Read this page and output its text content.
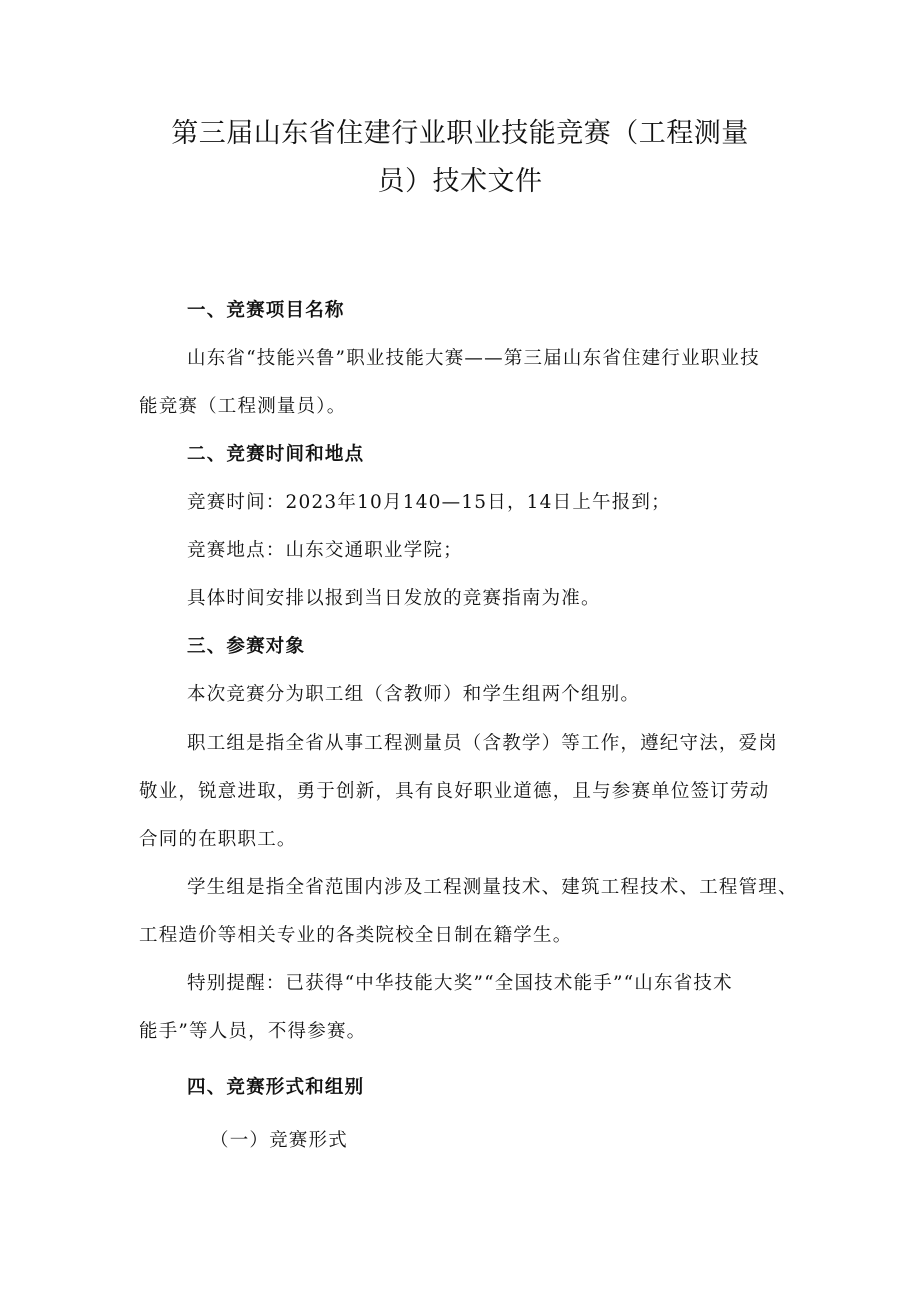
第三届山东省住建行业职业技能竞赛（工程测量
员）技术文件
一、竞赛项目名称
山东省“技能兴鲁”职业技能大赛——第三届山东省住建行业职业技
能竞赛（工程测量员）。
二、竞赛时间和地点
竞赛时间：2023年10月140—15日，14日上午报到；
竞赛地点：山东交通职业学院；
具体时间安排以报到当日发放的竞赛指南为准。
三、参赛对象
本次竞赛分为职工组（含教师）和学生组两个组别。
职工组是指全省从事工程测量员（含教学）等工作，遵纪守法，爱岗
敬业，锐意进取，勇于创新，具有良好职业道德，且与参赛单位签订劳动
合同的在职职工。
学生组是指全省范围内涉及工程测量技术、建筑工程技术、工程管理、
工程造价等相关专业的各类院校全日制在籍学生。
特别提醒：已获得“中华技能大奖”“全国技术能手”“山东省技术
能手”等人员，不得参赛。
四、竞赛形式和组别
（一）竞赛形式
